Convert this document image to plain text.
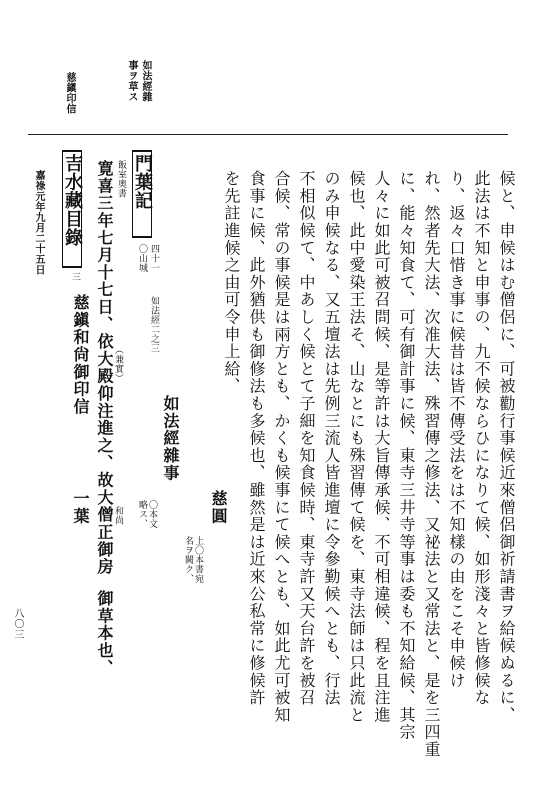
如法經雜
事ヲ草ス
慈鎭印信
候と、申候はむ僧侶に、可被勸行事候近來僧侶御祈請書ヲ給候ぬるに、
此法は不知と申事の、九不候ならひになりて候、如形淺々と皆修候な
り、返々口惜き事に候昔は皆不傳受法をは不知樣の由をこそ申候け
れ、然者先大法、次准大法、殊習傳之修法、又祕法と又常法と、是を三四重
に、能々知食て、可有御計事に候、東寺三井寺等事は委も不知給候、其宗
人々に如此可被召問候、是等許は大旨傳承候、不可相違候、程を且注進
候也、此中愛染王法そ、山なとにも殊習傳て候を、東寺法師は只此流と
のみ申候なる、又五壇法は先例三流人皆進壇に令參勤候へとも、行法
不相似候て、中あしく候とて子細を知食候時、東寺許又天台許を被召
合候、常の事候是は兩方とも、かくも候事にて候へとも、如此尤可被知
食事に候、此外猶供も御修法も多候也、雖然是は近來公私常に修候許
を先註進候之由可令申上給、
慈圓
上〇本書宛
名ヲ闕ク、
如法經雜事
〇本文
略ス、
一葉
門葉記
四十一
如法經二之三
〇山城
飯室奧書
寛喜三年七月十七日、依大殿 （兼實）
仰注進之、故大僧正御房 和尚
御草本也、
吉水藏目錄
三
慈鎭和尙御印信
嘉祿元年九月二十五日
八〇三
